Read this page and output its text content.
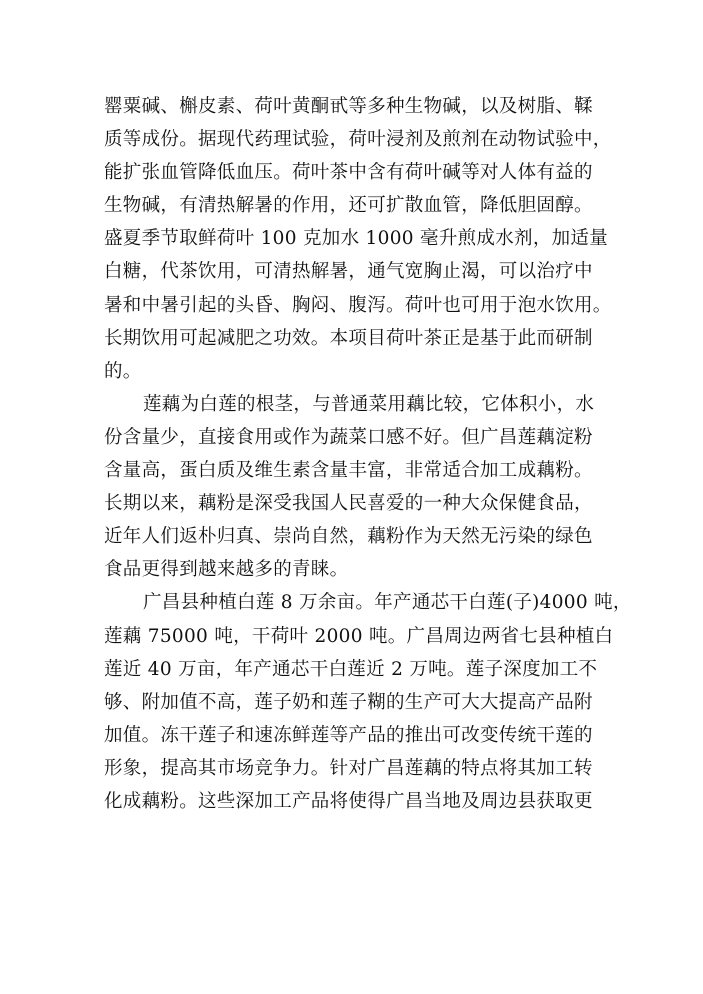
罂粟碱、槲皮素、荷叶黄酮甙等多种生物碱，以及树脂、鞣
质等成份。据现代药理试验，荷叶浸剂及煎剂在动物试验中，
能扩张血管降低血压。荷叶茶中含有荷叶碱等对人体有益的
生物碱，有清热解暑的作用，还可扩散血管，降低胆固醇。
盛夏季节取鲜荷叶 100 克加水 1000 毫升煎成水剂，加适量
白糖，代茶饮用，可清热解暑，通气宽胸止渴，可以治疗中
暑和中暑引起的头昏、胸闷、腹泻。荷叶也可用于泡水饮用。
长期饮用可起减肥之功效。本项目荷叶茶正是基于此而研制
的。
莲藕为白莲的根茎，与普通菜用藕比较，它体积小，水
份含量少，直接食用或作为蔬菜口感不好。但广昌莲藕淀粉
含量高，蛋白质及维生素含量丰富，非常适合加工成藕粉。
长期以来，藕粉是深受我国人民喜爱的一种大众保健食品，
近年人们返朴归真、崇尚自然，藕粉作为天然无污染的绿色
食品更得到越来越多的青睐。
广昌县种植白莲 8 万余亩。年产通芯干白莲(子)4000 吨，
莲藕 75000 吨，干荷叶 2000 吨。广昌周边两省七县种植白
莲近 40 万亩，年产通芯干白莲近 2 万吨。莲子深度加工不
够、附加值不高，莲子奶和莲子糊的生产可大大提高产品附
加值。冻干莲子和速冻鲜莲等产品的推出可改变传统干莲的
形象，提高其市场竞争力。针对广昌莲藕的特点将其加工转
化成藕粉。这些深加工产品将使得广昌当地及周边县获取更
